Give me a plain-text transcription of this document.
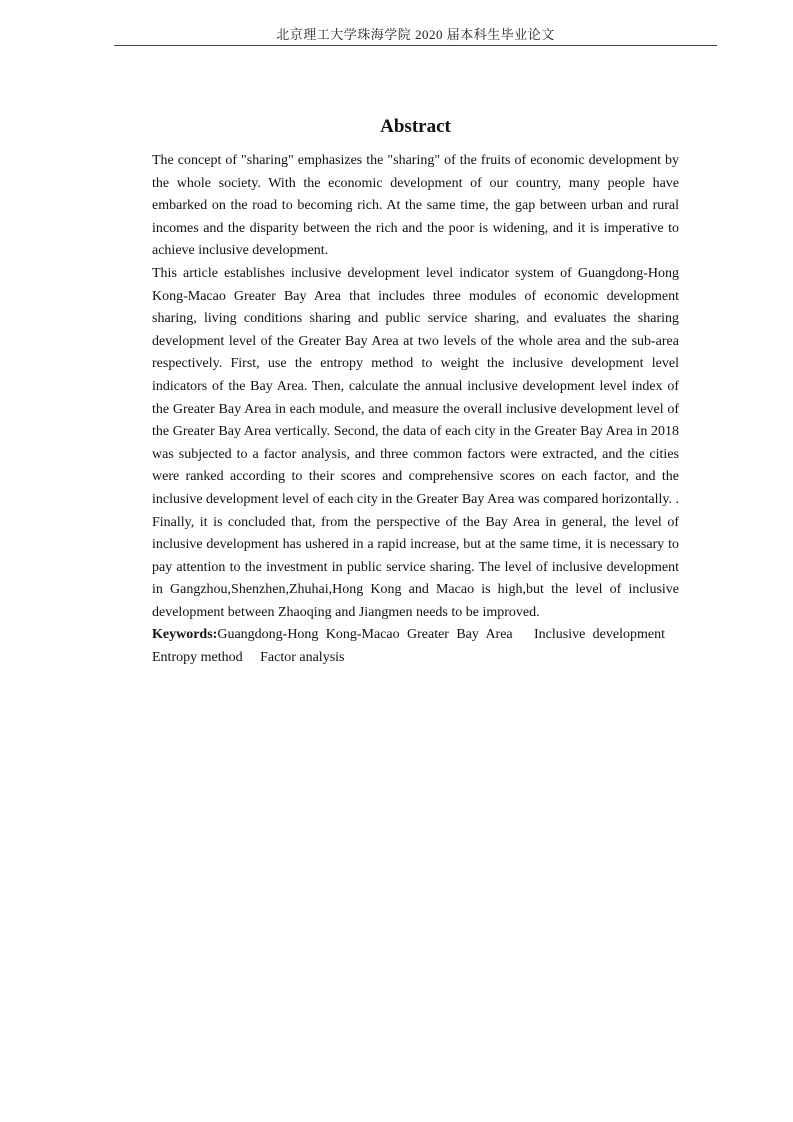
北京理工大学珠海学院 2020 届本科生毕业论文
Abstract

The concept of "sharing" emphasizes the "sharing" of the fruits of economic development by the whole society. With the economic development of our country, many people have embarked on the road to becoming rich. At the same time, the gap between urban and rural incomes and the disparity between the rich and the poor is widening, and it is imperative to achieve inclusive development.

This article establishes inclusive development level indicator system of Guangdong-Hong Kong-Macao Greater Bay Area that includes three modules of economic development sharing, living conditions sharing and public service sharing, and evaluates the sharing development level of the Greater Bay Area at two levels of the whole area and the sub-area respectively. First, use the entropy method to weight the inclusive development level indicators of the Bay Area. Then, calculate the annual inclusive development level index of the Greater Bay Area in each module, and measure the overall inclusive development level of the Greater Bay Area vertically. Second, the data of each city in the Greater Bay Area in 2018 was subjected to a factor analysis, and three common factors were extracted, and the cities were ranked according to their scores and comprehensive scores on each factor, and the inclusive development level of each city in the Greater Bay Area was compared horizontally. . Finally, it is concluded that, from the perspective of the Bay Area in general, the level of inclusive development has ushered in a rapid increase, but at the same time, it is necessary to pay attention to the investment in public service sharing. The level of inclusive development in Gangzhou,Shenzhen,Zhuhai,Hong Kong and Macao is high,but the level of inclusive development between Zhaoqing and Jiangmen needs to be improved.

Keywords:Guangdong-Hong Kong-Macao Greater Bay Area Inclusive development Entropy method Factor analysis
